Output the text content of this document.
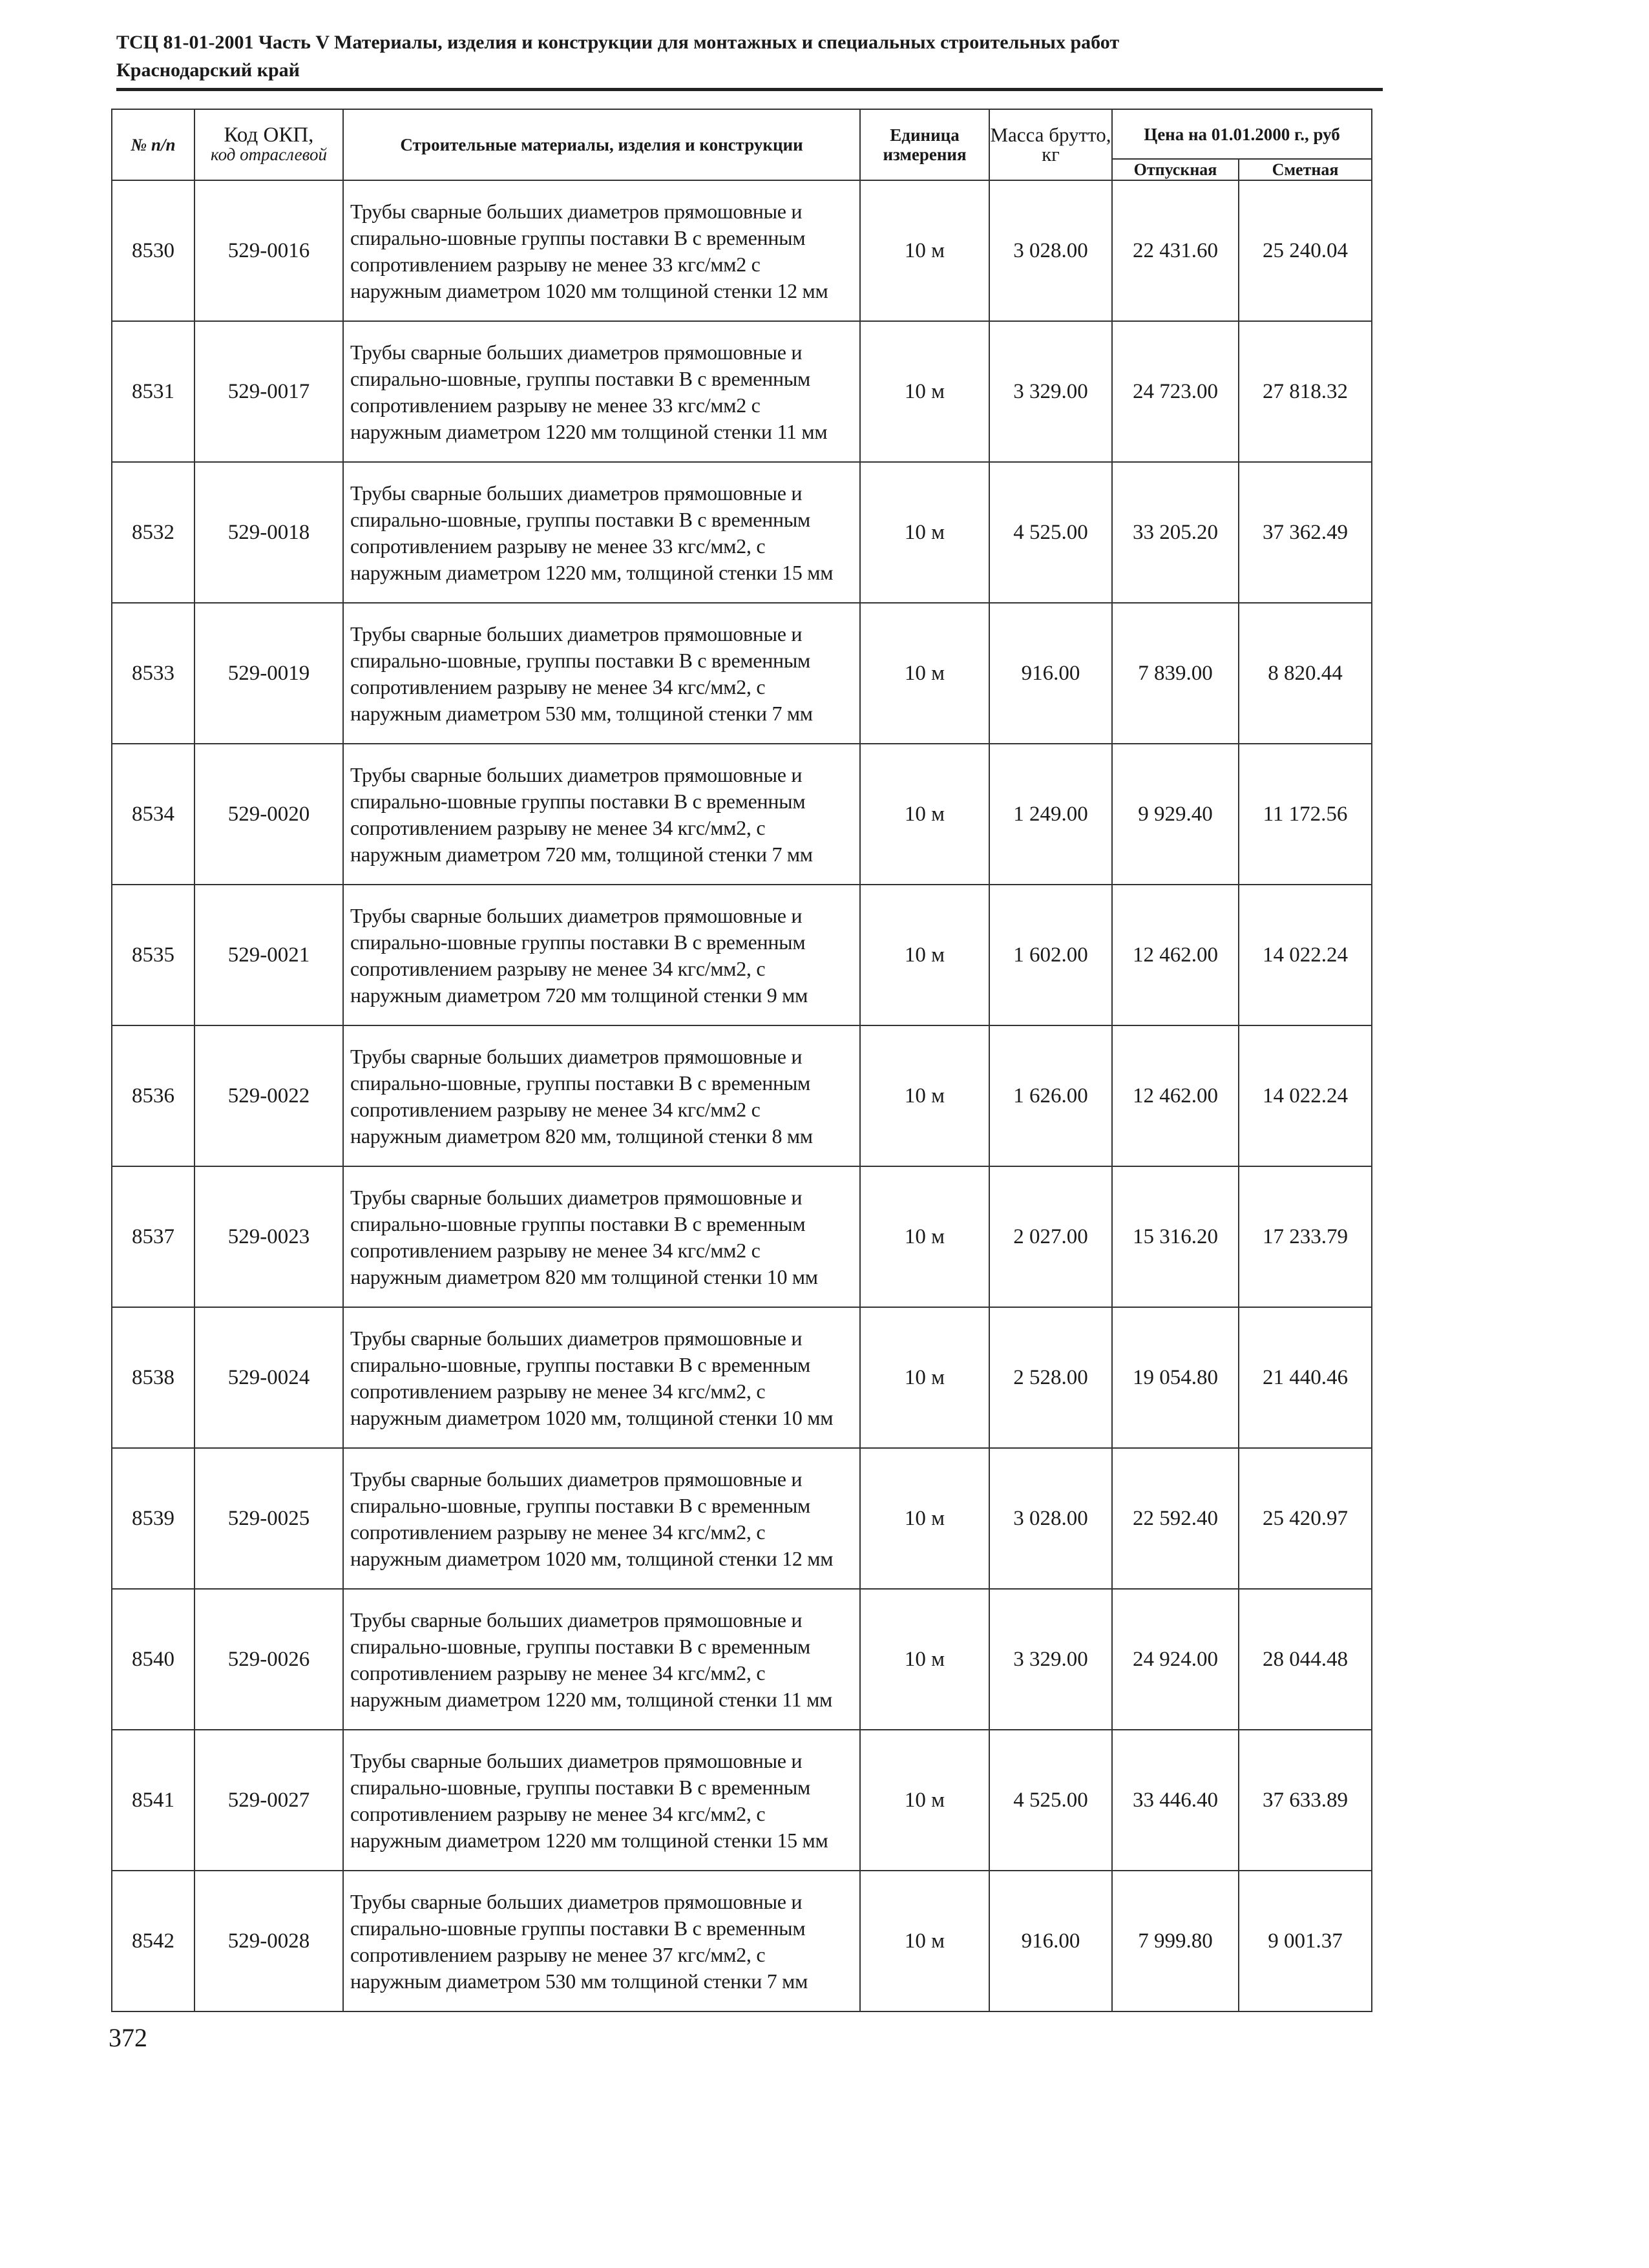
ТСЦ 81-01-2001 Часть V Материалы, изделия и конструкции для монтажных и специальных строительных работ
Краснодарский край
№ п/п	Код ОКП,
код отраслевой	Строительные материалы, изделия и конструкции	Единица измерения	Масса брутто, кг	Цена на 01.01.2000 г., руб	
					Отпускная	Сметная
8530	529-0016	Трубы сварные больших диаметров прямошовные и спирально-шовные группы поставки В с временным сопротивлением разрыву не менее 33 кгс/мм2 с наружным диаметром 1020 мм толщиной стенки 12 мм	10 м	3 028.00	22 431.60	25 240.04
8531	529-0017	Трубы сварные больших диаметров прямошовные и спирально-шовные, группы поставки В с временным сопротивлением разрыву не менее 33 кгс/мм2 с наружным диаметром 1220 мм толщиной стенки 11 мм	10 м	3 329.00	24 723.00	27 818.32
8532	529-0018	Трубы сварные больших диаметров прямошовные и спирально-шовные, группы поставки В с временным сопротивлением разрыву не менее 33 кгс/мм2, с наружным диаметром 1220 мм, толщиной стенки 15 мм	10 м	4 525.00	33 205.20	37 362.49
8533	529-0019	Трубы сварные больших диаметров прямошовные и спирально-шовные, группы поставки В с временным сопротивлением разрыву не менее 34 кгс/мм2, с наружным диаметром 530 мм, толщиной стенки 7 мм	10 м	916.00	7 839.00	8 820.44
8534	529-0020	Трубы сварные больших диаметров прямошовные и спирально-шовные группы поставки В с временным сопротивлением разрыву не менее 34 кгс/мм2, с наружным диаметром 720 мм, толщиной стенки 7 мм	10 м	1 249.00	9 929.40	11 172.56
8535	529-0021	Трубы сварные больших диаметров прямошовные и спирально-шовные группы поставки В с временным сопротивлением разрыву не менее 34 кгс/мм2, с наружным диаметром 720 мм толщиной стенки 9 мм	10 м	1 602.00	12 462.00	14 022.24
8536	529-0022	Трубы сварные больших диаметров прямошовные и спирально-шовные, группы поставки В с временным сопротивлением разрыву не менее 34 кгс/мм2 с наружным диаметром 820 мм, толщиной стенки 8 мм	10 м	1 626.00	12 462.00	14 022.24
8537	529-0023	Трубы сварные больших диаметров прямошовные и спирально-шовные группы поставки В с временным сопротивлением разрыву не менее 34 кгс/мм2 с наружным диаметром 820 мм толщиной стенки 10 мм	10 м	2 027.00	15 316.20	17 233.79
8538	529-0024	Трубы сварные больших диаметров прямошовные и спирально-шовные, группы поставки В с временным сопротивлением разрыву не менее 34 кгс/мм2, с наружным диаметром 1020 мм, толщиной стенки 10 мм	10 м	2 528.00	19 054.80	21 440.46
8539	529-0025	Трубы сварные больших диаметров прямошовные и спирально-шовные, группы поставки В с временным сопротивлением разрыву не менее 34 кгс/мм2, с наружным диаметром 1020 мм, толщиной стенки 12 мм	10 м	3 028.00	22 592.40	25 420.97
8540	529-0026	Трубы сварные больших диаметров прямошовные и спирально-шовные, группы поставки В с временным сопротивлением разрыву не менее 34 кгс/мм2, с наружным диаметром 1220 мм, толщиной стенки 11 мм	10 м	3 329.00	24 924.00	28 044.48
8541	529-0027	Трубы сварные больших диаметров прямошовные и спирально-шовные, группы поставки В с временным сопротивлением разрыву не менее 34 кгс/мм2, с наружным диаметром 1220 мм толщиной стенки 15 мм	10 м	4 525.00	33 446.40	37 633.89
8542	529-0028	Трубы сварные больших диаметров прямошовные и спирально-шовные группы поставки В с временным сопротивлением разрыву не менее 37 кгс/мм2, с наружным диаметром 530 мм толщиной стенки 7 мм	10 м	916.00	7 999.80	9 001.37
372
